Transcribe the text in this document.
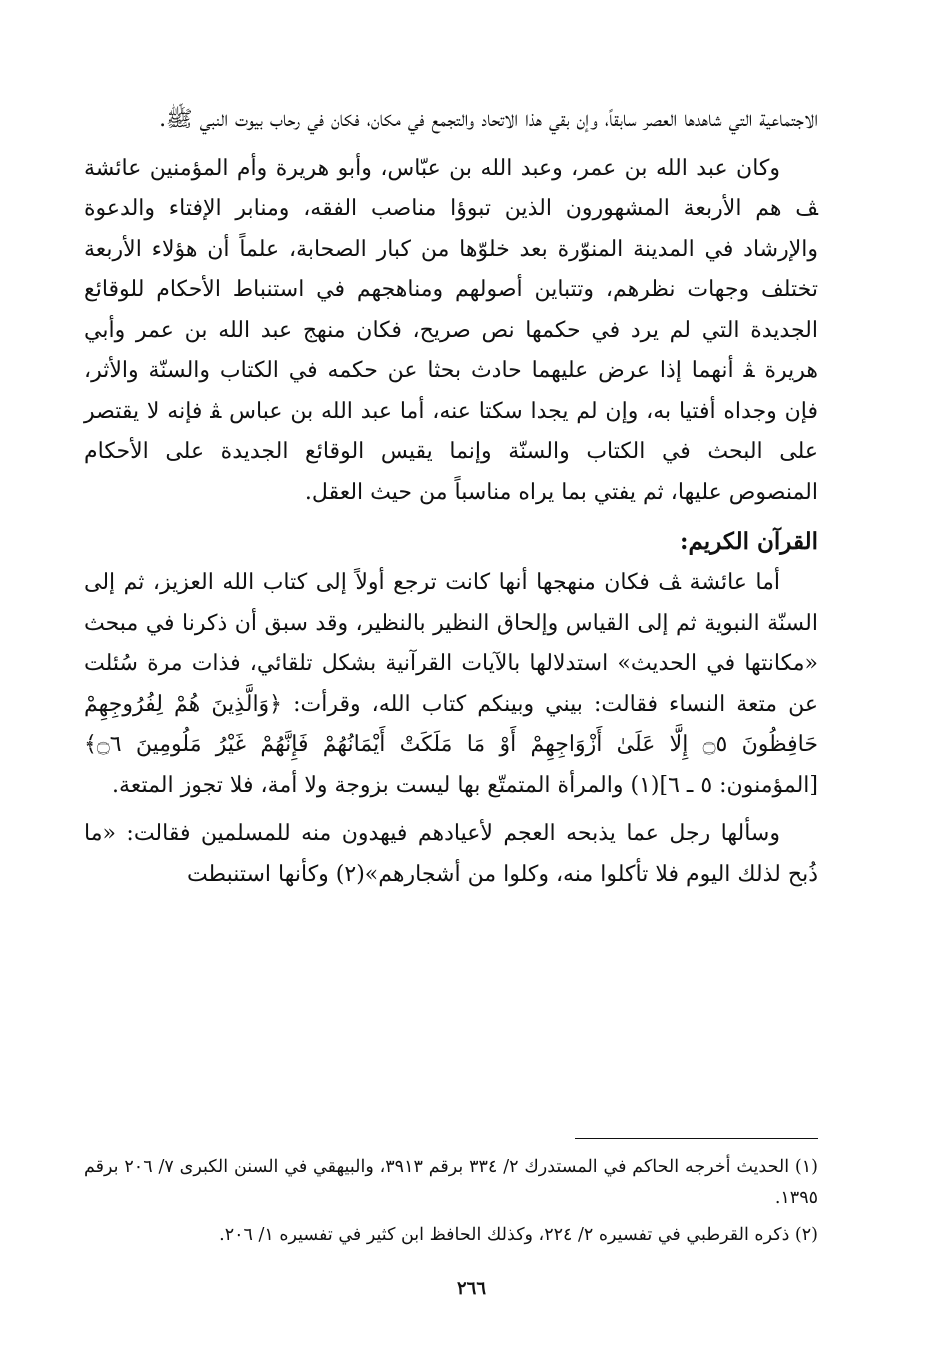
الاجتماعية التي شاهدها العصر سابقاً، وإن بقي هذا الاتحاد والتجمع في مكان، فكان في رحاب بيوت النبي ﷺ.

وكان عبد الله بن عمر، وعبد الله بن عبّاس، وأبو هريرة وأم المؤمنين عائشة ﭫ هم الأربعة المشهورون الذين تبوؤا مناصب الفقه، ومنابر الإفتاء والدعوة والإرشاد في المدينة المنوّرة بعد خلوّها من كبار الصحابة، علماً أن هؤلاء الأربعة تختلف وجهات نظرهم، وتتباين أصولهم ومناهجهم في استنباط الأحكام للوقائع الجديدة التي لم يرد في حكمها نص صريح، فكان منهج عبد الله بن عمر وأبي هريرة ﭭ أنهما إذا عرض عليهما حادث بحثا عن حكمه في الكتاب والسنّة والأثر، فإن وجداه أفتيا به، وإن لم يجدا سكتا عنه، أما عبد الله بن عباس ﭭ فإنه لا يقتصر على البحث في الكتاب والسنّة وإنما يقيس الوقائع الجديدة على الأحكام المنصوص عليها، ثم يفتي بما يراه مناسباً من حيث العقل.

القرآن الكريم:

أما عائشة ﭫ فكان منهجها أنها كانت ترجع أولاً إلى كتاب الله العزيز، ثم إلى السنّة النبوية ثم إلى القياس وإلحاق النظير بالنظير، وقد سبق أن ذكرنا في مبحث «مكانتها في الحديث» استدلالها بالآيات القرآنية بشكل تلقائي، فذات مرة سُئلت عن متعة النساء فقالت: بيني وبينكم كتاب الله، وقرأت: ﴿وَالَّذِينَ هُمْ لِفُرُوجِهِمْ حَافِظُونَ ۝٥ إِلَّا عَلَىٰ أَزْوَاجِهِمْ أَوْ مَا مَلَكَتْ أَيْمَانُهُمْ فَإِنَّهُمْ غَيْرُ مَلُومِينَ ۝٦﴾ [المؤمنون: ٥ ـ ٦](١) والمرأة المتمتّع بها ليست بزوجة ولا أمة، فلا تجوز المتعة.

وسألها رجل عما يذبحه العجم لأعيادهم فيهدون منه للمسلمين فقالت: «ما ذُبح لذلك اليوم فلا تأكلوا منه، وكلوا من أشجارهم»(٢) وكأنها استنبطت

(١) الحديث أخرجه الحاكم في المستدرك ٢/ ٣٣٤ برقم ٣٩١٣، والبيهقي في السنن الكبرى ٧/ ٢٠٦ برقم ١٣٩٥.

(٢) ذكره القرطبي في تفسيره ٢/ ٢٢٤، وكذلك الحافظ ابن كثير في تفسيره ١/ ٢٠٦.

٢٦٦
